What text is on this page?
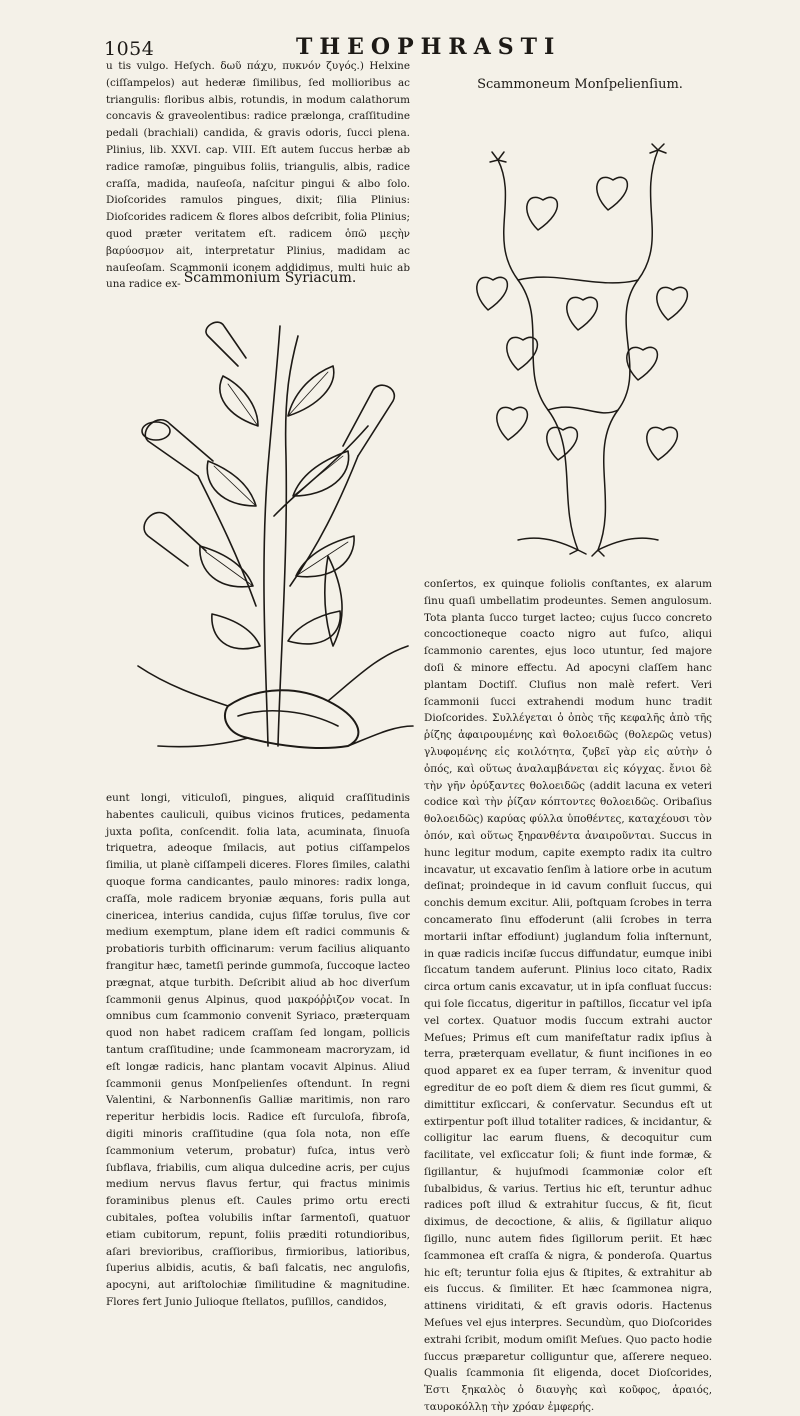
1054	THEOPHRASTI

u tis vulgo. Heſych. δωῦ πάχυ, πυκνόν ζυγός.) Helxine (ciſſampelos) aut hederæ ſimilibus, ſed mollioribus ac triangulis: floribus albis, rotundis, in modum calathorum concavis & graveolentibus: radice prælonga, craſſitudine pedali (brachiali) candida, & gravis odoris, ſucci plena. Plinius, lib. XXVI. cap. VIII. Eſt autem ſuccus herbæ ab radice ramoſæ, pinguibus foliis, triangulis, albis, radice craſſa, madida, nauſeoſa, naſcitur pingui & albo ſolo. Dioſcorides ramulos pingues, dixit; ſilia Plinius: Dioſcorides radicem & flores albos deſcribit, folia Plinius; quod præter veritatem eſt. radicem ὁπῶ μεςὴν βαρύοσμον ait, interpretatur Plinius, madidam ac nauſeoſam. Scammonii iconem addidimus, multi huic ab una radice ex- Scammonium Syriacum.
Scammoneum Monſpelienſium.

conſertos, ex quinque foliolis conſtantes, ex alarum ſinu quaſi umbellatim prodeuntes. Semen angulosum. Tota planta ſucco turget lacteo; cujus ſucco concreto concoctioneque coacto nigro aut fuſco, aliqui ſcammonio carentes, ejus loco utuntur, ſed majore doſi & minore effectu. Ad apocyni claſſem hanc plantam Doctiſſ. Cluſius non malè refert. Veri ſcammonii ſucci extrahendi modum hunc tradit Dioſcorides. Συλλέγεται ὁ ὀπὸς τῆς κεφαλῆς ἀπὸ τῆς ῥίζης ἀφαιρουμένης καὶ θολοειδῶς (θολερῶς vetus) γλυφομένης εἰς κοιλότητα, ζυβεῖ γὰρ εἰς αὐτὴν ὁ ὀπός, καὶ οὕτως ἀναλαμβάνεται εἰς κόγχας. ἔνιοι δὲ τὴν γῆν ὀρύξαντες θολοειδῶς (addit lacuna ex veteri codice καὶ τὴν ῥίζαν κόπτοντες θολοειδῶς. Oribaſius θολοειδῶς) καρύας φύλλα ὑποθέντες, καταχέουσι τὸν ὀπόν, καὶ οὕτως ξηρανθέντα ἀναιροῦνται. Succus in hunc legitur modum, capite exempto radix ita cultro incavatur, ut excavatio ſenſim à latiore orbe in acutum deſinat; proindeque in id cavum confluit ſuccus, qui conchis demum excitur. Alii, poſtquam ſcrobes in terra concamerato ſinu effoderunt (alii ſcrobes in terra mortarii inſtar effodiunt) juglandum folia inſternunt, in quæ radicis inciſæ ſuccus diffundatur, eumque inibi ſiccatum tandem auferunt. Plinius loco citato, Radix circa ortum canis excavatur, ut in ipſa confluat ſuccus: qui ſole ſiccatus, digeritur in paſtillos, ſiccatur vel ipſa vel cortex. Quatuor modis ſuccum extrahi auctor Meſues; Primus eſt cum manifeſtatur radix ipſius à terra, præterquam evellatur, & fiunt inciſiones in eo quod apparet ex ea ſuper terram, & invenitur quod egreditur de eo poſt diem & diem res ſicut gummi, & dimittitur exſiccari, & conſervatur. Secundus eſt ut extirpentur poſt illud totaliter radices, & incidantur, & colligitur lac earum fluens, & decoquitur cum facilitate, vel exſiccatur ſoli; & fiunt inde formæ, & ſigillantur, & hujuſmodi ſcammoniæ color eſt ſubalbidus, & varius. Tertius hic eſt, teruntur adhuc radices poſt illud & extrahitur ſuccus, & fit, ſicut diximus, de decoctione, & aliis, & ſigillatur aliquo ſigillo, nunc autem fides ſigillorum periit. Et hæc ſcammonea eſt craſſa & nigra, & ponderoſa. Quartus hic eſt; teruntur folia ejus & ſtipites, & extrahitur ab eis ſuccus. & ſimiliter. Et hæc ſcammonea nigra, attinens viriditati, & eſt gravis odoris. Hactenus Meſues vel ejus interpres. Secundùm, quo Dioſcorides extrahi ſcribit, modum omiſit Meſues. Quo pacto hodie ſuccus præparetur colliguntur que, aſſerere nequeo. Qualis ſcammonia ſit eligenda, docet Dioſcorides, Ἐστι ξηκαλὸς ὁ διαυγὴς καὶ κοῦφος, ἀραιός, ταυρoκόλλῃ τὴν χρόαν ἐμφερής.

eunt longi, viticuloſi, pingues, aliquid craſſitudinis habentes cauliculi, quibus vicinos frutices, pedamenta juxta poſita, conſcendit. folia lata, acuminata, ſinuoſa triquetra, adeoque ſmilacis, aut potius ciſſampelos ſimilia, ut planè ciſſampeli diceres. Flores ſimiles, calathi quoque forma candicantes, paulo minores: radix longa, craſſa, mole radicem bryoniæ æquans, foris pulla aut cinericea, interius candida, cujus ſiſſæ torulus, ſive cor medium exemptum, plane idem eſt radici communis & probatioris turbith officinarum: verum facilius aliquanto frangitur hæc, tametſi perinde gummoſa, ſuccoque lacteo prægnat, atque turbith. Deſcribit aliud ab hoc diverſum ſcammonii genus Alpinus, quod μακρόῤῥιζον vocat. In omnibus cum ſcammonio convenit Syriaco, præterquam quod non habet radicem craſſam ſed longam, pollicis tantum craſſitudine; unde ſcammoneam macroryzam, id eſt longæ radicis, hanc plantam vocavit Alpinus. Aliud ſcammonii genus Monſpelienſes oſtendunt. In regni Valentini, & Narbonnenſis Galliæ maritimis, non raro reperitur herbidis locis. Radice eſt ſurculoſa, fibroſa, digiti minoris craſſitudine (qua ſola nota, non eſſe ſcammonium veterum, probatur) fuſca, intus verò ſubflava, friabilis, cum aliqua dulcedine acris, per cujus medium nervus flavus fertur, qui fractus minimis foraminibus plenus eſt. Caules primo ortu erecti cubitales, poſtea volubilis inſtar ſarmentoſi, quatuor etiam cubitorum, repunt, foliis præditi rotundioribus, aſari brevioribus, craſſioribus, firmioribus, latioribus, ſuperius albidis, acutis, & baſi falcatis, nec angulofis, apocyni, aut ariſtolochiæ ſimilitudine & magnitudine. Flores fert Junio Julioque ſtellatos, puſillos, candidos,
